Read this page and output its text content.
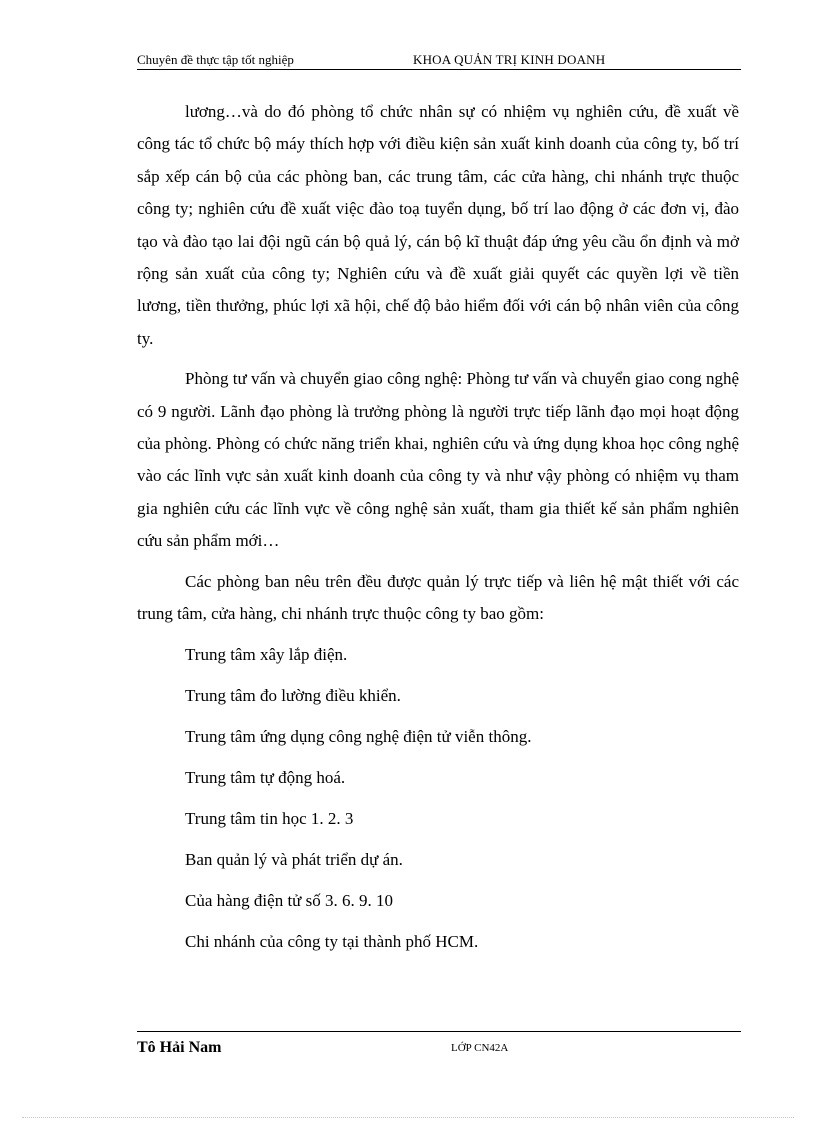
Chuyên đề thực tập tốt nghiệp	KHOA QUẢN TRỊ KINH DOANH

lương…và do đó phòng tổ chức nhân sự có nhiệm vụ nghiên cứu, đề xuất về công tác tổ chức bộ máy thích hợp với điều kiện sản xuất kinh doanh của công ty, bố trí sắp xếp cán bộ của các phòng ban, các trung tâm, các cửa hàng, chi nhánh trực thuộc công ty; nghiên cứu đề xuất việc đào toạ tuyển dụng, bố trí lao động ở các đơn vị, đào tạo và đào tạo lai đội ngũ cán bộ quả lý, cán bộ kĩ thuật đáp ứng yêu cầu ổn định và mở rộng sản xuất của công ty; Nghiên cứu và đề xuất giải quyết các quyền lợi về tiền lương, tiền thưởng, phúc lợi xã hội, chế độ bảo hiểm đối với cán bộ nhân viên của công ty.

Phòng tư vấn và chuyển giao công nghệ: Phòng tư vấn và chuyển giao cong nghệ có 9 người. Lãnh đạo phòng là trưởng phòng là người trực tiếp lãnh đạo mọi hoạt động của phòng. Phòng có chức năng triển khai, nghiên cứu và ứng dụng khoa học công nghệ vào các lĩnh vực sản xuất kinh doanh của công ty và như vậy phòng có nhiệm vụ tham gia nghiên cứu các lĩnh vực về công nghệ sản xuất, tham gia thiết kế sản phẩm nghiên cứu sản phẩm mới…

Các phòng ban nêu trên đều được quản lý trực tiếp và liên hệ mật thiết với các trung tâm, cửa hàng, chi nhánh trực thuộc công ty bao gồm:

Trung tâm xây lắp điện.
Trung tâm đo lường điều khiển.
Trung tâm ứng dụng công nghệ điện tử viễn thông.
Trung tâm tự động hoá.
Trung tâm tin học 1. 2. 3
Ban quản lý và phát triển dự án.
Của hàng điện tử số 3. 6. 9. 10
Chi nhánh của công ty tại thành phố HCM.
Tô Hải Nam	LỚP CN42A
